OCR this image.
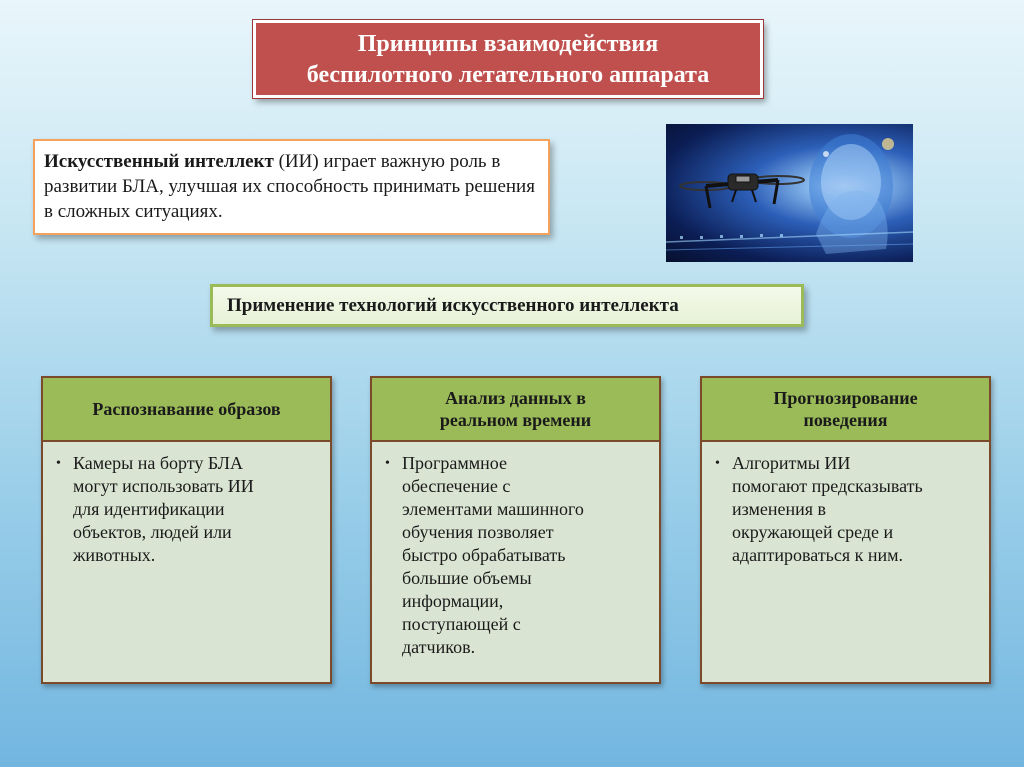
Принципы взаимодействия
беспилотного летательного аппарата
Искусственный интеллект (ИИ) играет важную роль в развитии БЛА, улучшая их способность принимать решения в сложных ситуациях.
Применение технологий искусственного интеллекта
Распознавание образов
• Камеры на борту БЛА
могут использовать ИИ
для идентификации
объектов, людей или
животных.
Анализ данных в
реальном времени
• Программное
обеспечение с
элементами машинного
обучения позволяет
быстро обрабатывать
большие объемы
информации,
поступающей с
датчиков.
Прогнозирование
поведения
• Алгоритмы ИИ
помогают предсказывать
изменения в
окружающей среде и
адаптироваться к ним.
